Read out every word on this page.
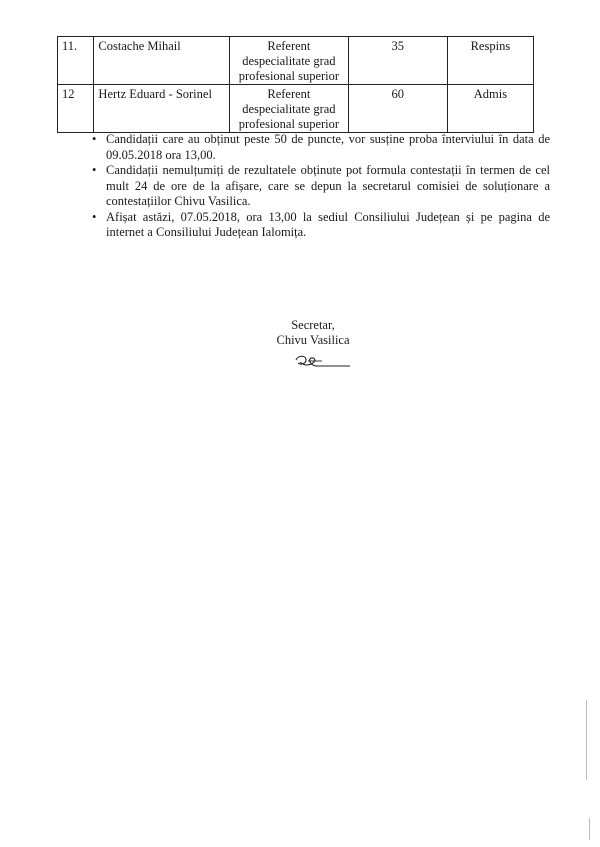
11.	Costache Mihail	Referent despecialitate grad profesional superior	35	Respins
12	Hertz Eduard - Sorinel	Referent despecialitate grad profesional superior	60	Admis
• Candidații care au obținut peste 50 de puncte, vor susține proba înterviului în data de 09.05.2018 ora 13,00.
• Candidații nemulțumiți de rezultatele obținute pot formula contestații în termen de cel mult 24 de ore de la afișare, care se depun la secretarul comisiei de soluționare a contestațiilor Chivu Vasilica.
• Afișat astăzi, 07.05.2018, ora 13,00 la sediul Consiliului Județean și pe pagina de internet a Consiliului Județean Ialomița.
Secretar,
Chivu Vasilica
